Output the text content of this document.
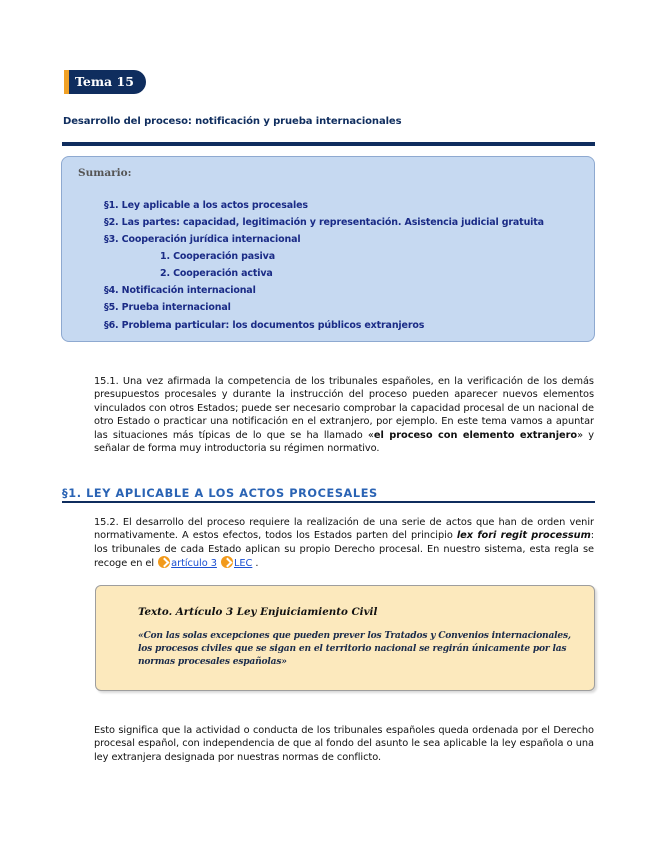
Tema 15
Desarrollo del proceso: notificación y prueba internacionales
Sumario:
§1. Ley aplicable a los actos procesales
§2. Las partes: capacidad, legitimación y representación. Asistencia judicial gratuita
§3. Cooperación jurídica internacional
1. Cooperación pasiva
2. Cooperación activa
§4. Notificación internacional
§5. Prueba internacional
§6. Problema particular: los documentos públicos extranjeros
15.1. Una vez afirmada la competencia de los tribunales españoles, en la verificación de los demás presupuestos procesales y durante la instrucción del proceso pueden aparecer nuevos elementos vinculados con otros Estados; puede ser necesario comprobar la capacidad procesal de un nacional de otro Estado o practicar una notificación en el extranjero, por ejemplo. En este tema vamos a apuntar las situaciones más típicas de lo que se ha llamado «el proceso con elemento extranjero» y señalar de forma muy introductoria su régimen normativo.
§1. LEY APLICABLE A LOS ACTOS PROCESALES
15.2. El desarrollo del proceso requiere la realización de una serie de actos que han de orden venir normativamente. A estos efectos, todos los Estados parten del principio lex fori regit processum: los tribunales de cada Estado aplican su propio Derecho procesal. En nuestro sistema, esta regla se recoge en el artículo 3 LEC .
Texto. Artículo 3 Ley Enjuiciamiento Civil
«Con las solas excepciones que pueden prever los Tratados y Convenios internacionales, los procesos civiles que se sigan en el territorio nacional se regirán únicamente por las normas procesales españolas»
Esto significa que la actividad o conducta de los tribunales españoles queda ordenada por el Derecho procesal español, con independencia de que al fondo del asunto le sea aplicable la ley española o una ley extranjera designada por nuestras normas de conflicto.
